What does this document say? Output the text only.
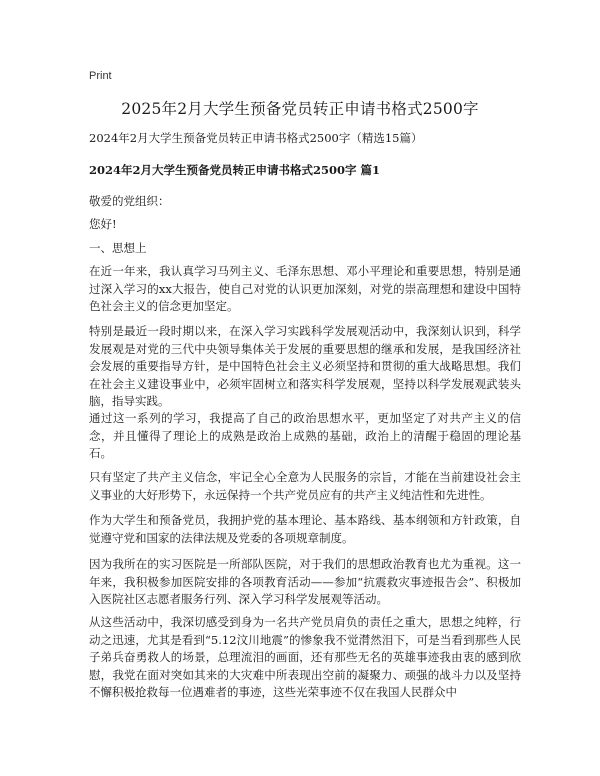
Print
2025年2月大学生预备党员转正申请书格式2500字

2024年2月大学生预备党员转正申请书格式2500字（精选15篇）

2024年2月大学生预备党员转正申请书格式2500字 篇1

敬爱的党组织：

您好!

一、思想上

在近一年来，我认真学习马列主义、毛泽东思想、邓小平理论和重要思想，特别是通过深入学习的xx大报告，使自己对党的认识更加深刻，对党的崇高理想和建设中国特色社会主义的信念更加坚定。

特别是最近一段时期以来，在深入学习实践科学发展观活动中，我深刻认识到，科学发展观是对党的三代中央领导集体关于发展的重要思想的继承和发展，是我国经济社会发展的重要指导方针，是中国特色社会主义必须坚持和贯彻的重大战略思想。我们在社会主义建设事业中，必须牢固树立和落实科学发展观，坚持以科学发展观武装头脑，指导实践。

通过这一系列的学习，我提高了自己的政治思想水平，更加坚定了对共产主义的信念，并且懂得了理论上的成熟是政治上成熟的基础，政治上的清醒于稳固的理论基石。

只有坚定了共产主义信念，牢记全心全意为人民服务的宗旨，才能在当前建设社会主义事业的大好形势下，永远保持一个共产党员应有的共产主义纯洁性和先进性。

作为大学生和预备党员，我拥护党的基本理论、基本路线、基本纲领和方针政策，自觉遵守党和国家的法律法规及党委的各项规章制度。

因为我所在的实习医院是一所部队医院，对于我们的思想政治教育也尤为重视。这一年来，我积极参加医院安排的各项教育活动——参加“抗震救灾事迹报告会”、积极加入医院社区志愿者服务行列、深入学习科学发展观等活动。

从这些活动中，我深切感受到身为一名共产党员肩负的责任之重大，思想之纯粹，行动之迅速，尤其是看到“5.12汶川地震”的惨象我不觉潸然泪下，可是当看到那些人民子弟兵奋勇救人的场景，总理流泪的画面，还有那些无名的英雄事迹我由衷的感到欣慰，我党在面对突如其来的大灾难中所表现出空前的凝聚力、顽强的战斗力以及坚持不懈积极抢救每一位遇难者的事迹，这些光荣事迹不仅在我国人民群众中
